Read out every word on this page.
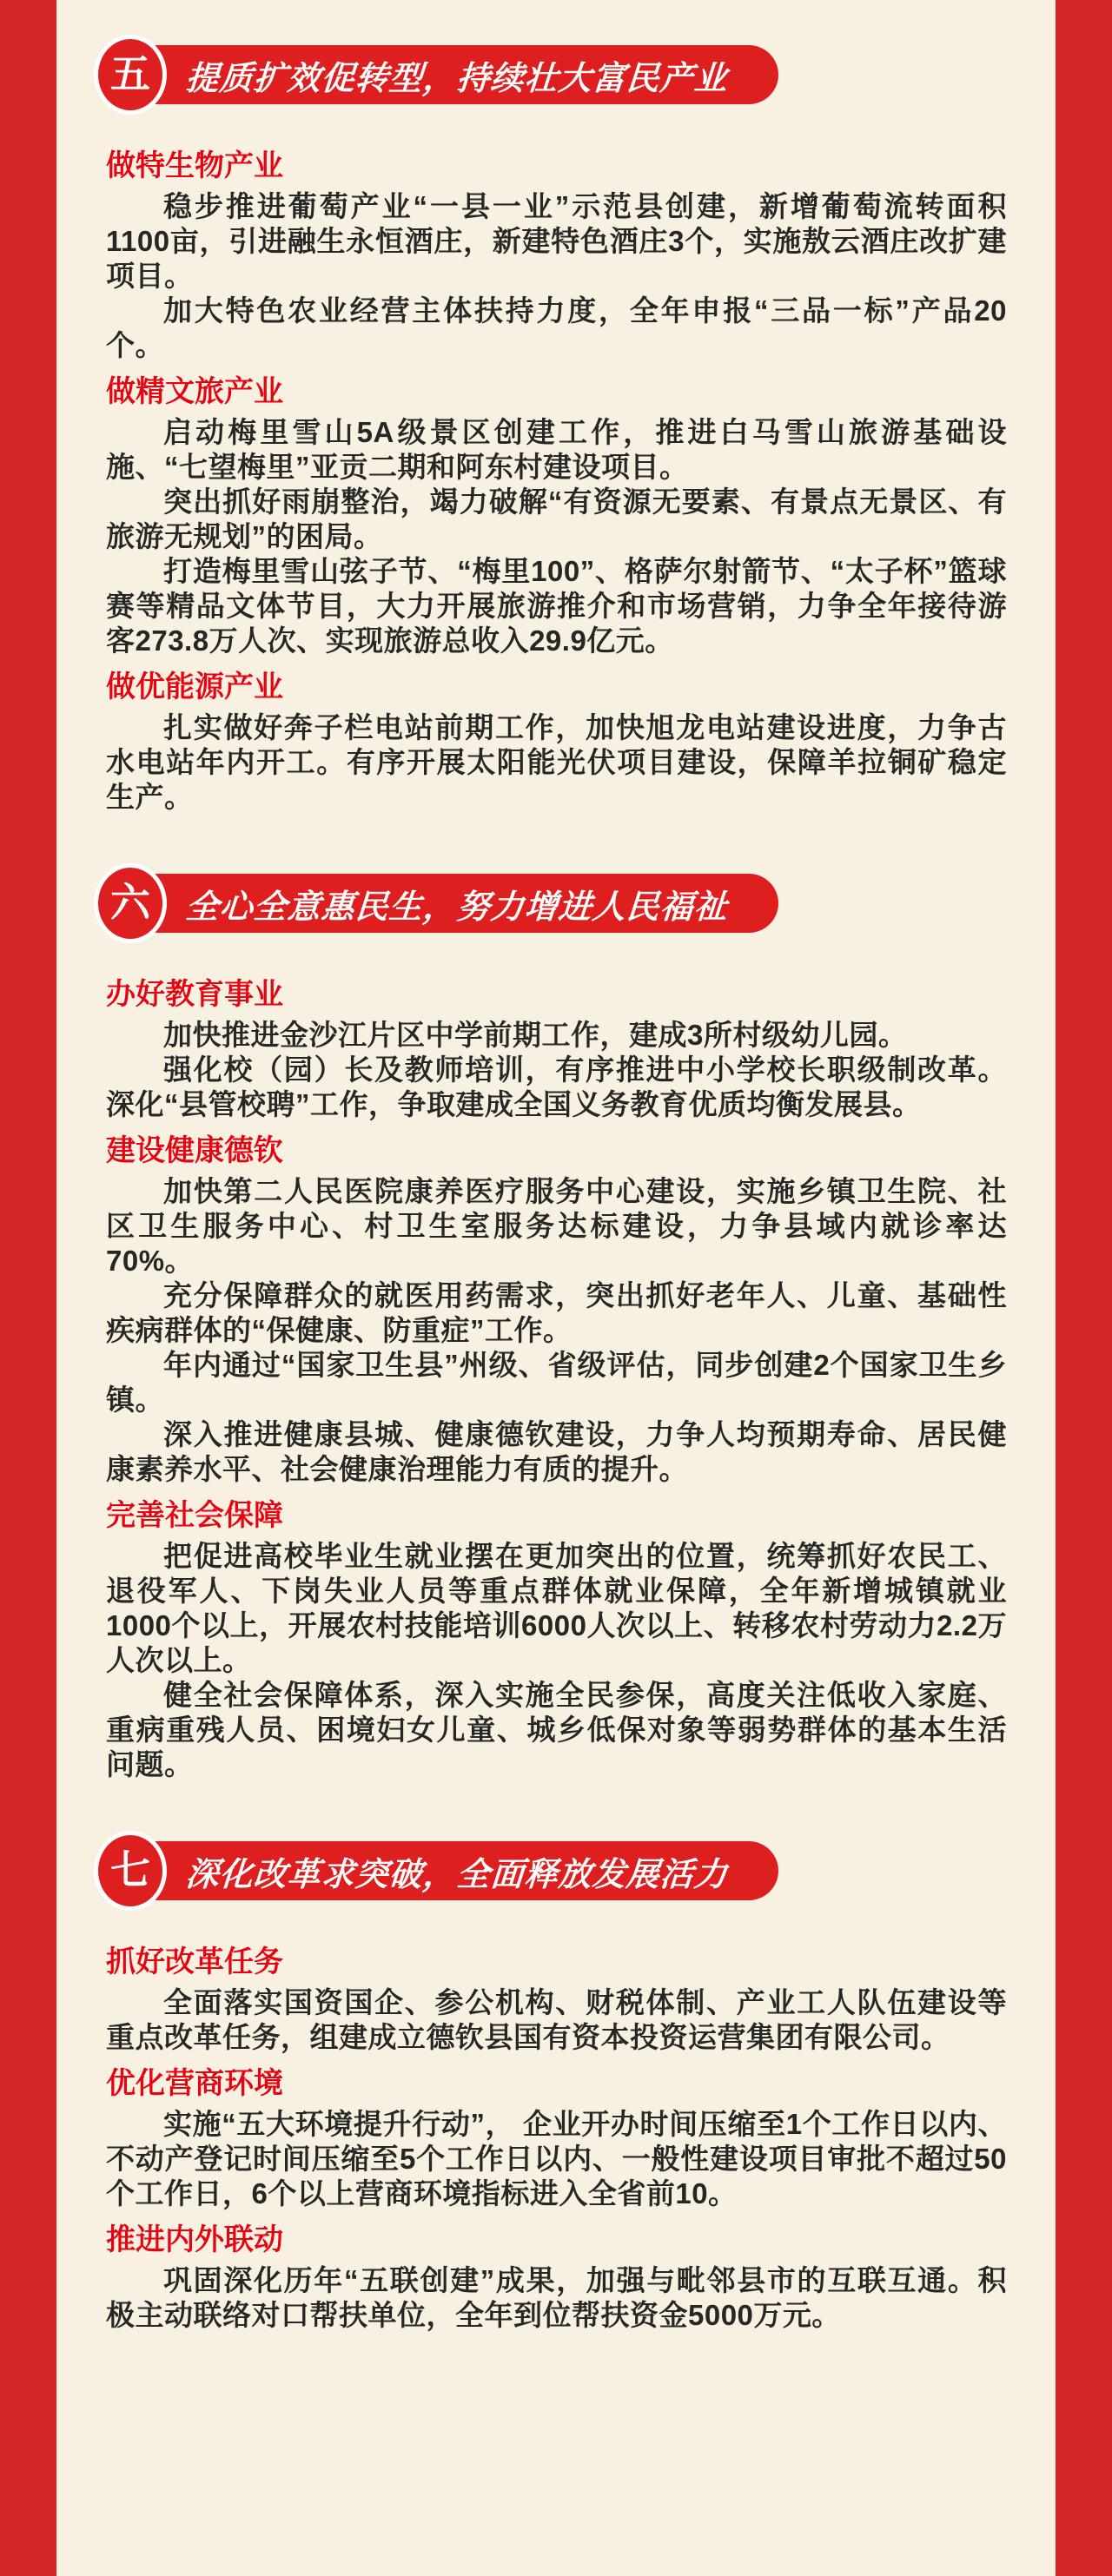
五 提质扩效促转型，持续壮大富民产业
做特生物产业

稳步推进葡萄产业“一县一业”示范县创建，新增葡萄流转面积1100亩，引进融生永恒酒庄，新建特色酒庄3个，实施敖云酒庄改扩建项目。

加大特色农业经营主体扶持力度，全年申报“三品一标”产品20个。

做精文旅产业

启动梅里雪山5A级景区创建工作，推进白马雪山旅游基础设施、“七望梅里”亚贡二期和阿东村建设项目。

突出抓好雨崩整治，竭力破解“有资源无要素、有景点无景区、有旅游无规划”的困局。

打造梅里雪山弦子节、“梅里100”、格萨尔射箭节、“太子杯”篮球赛等精品文体节目，大力开展旅游推介和市场营销，力争全年接待游客273.8万人次、实现旅游总收入29.9亿元。

做优能源产业

扎实做好奔子栏电站前期工作，加快旭龙电站建设进度，力争古水电站年内开工。有序开展太阳能光伏项目建设，保障羊拉铜矿稳定生产。

六 全心全意惠民生，努力增进人民福祉
办好教育事业

加快推进金沙江片区中学前期工作，建成3所村级幼儿园。

强化校（园）长及教师培训，有序推进中小学校长职级制改革。深化“县管校聘”工作，争取建成全国义务教育优质均衡发展县。

建设健康德钦

加快第二人民医院康养医疗服务中心建设，实施乡镇卫生院、社区卫生服务中心、村卫生室服务达标建设，力争县域内就诊率达70%。

充分保障群众的就医用药需求，突出抓好老年人、儿童、基础性疾病群体的“保健康、防重症”工作。

年内通过“国家卫生县”州级、省级评估，同步创建2个国家卫生乡镇。

深入推进健康县城、健康德钦建设，力争人均预期寿命、居民健康素养水平、社会健康治理能力有质的提升。

完善社会保障

把促进高校毕业生就业摆在更加突出的位置，统筹抓好农民工、退役军人、下岗失业人员等重点群体就业保障，全年新增城镇就业1000个以上，开展农村技能培训6000人次以上、转移农村劳动力2.2万人次以上。

健全社会保障体系，深入实施全民参保，高度关注低收入家庭、重病重残人员、困境妇女儿童、城乡低保对象等弱势群体的基本生活问题。

七 深化改革求突破，全面释放发展活力
抓好改革任务

全面落实国资国企、参公机构、财税体制、产业工人队伍建设等重点改革任务，组建成立德钦县国有资本投资运营集团有限公司。

优化营商环境

实施“五大环境提升行动”， 企业开办时间压缩至1个工作日以内、不动产登记时间压缩至5个工作日以内、一般性建设项目审批不超过50个工作日，6个以上营商环境指标进入全省前10。

推进内外联动

巩固深化历年“五联创建”成果，加强与毗邻县市的互联互通。积极主动联络对口帮扶单位，全年到位帮扶资金5000万元。
